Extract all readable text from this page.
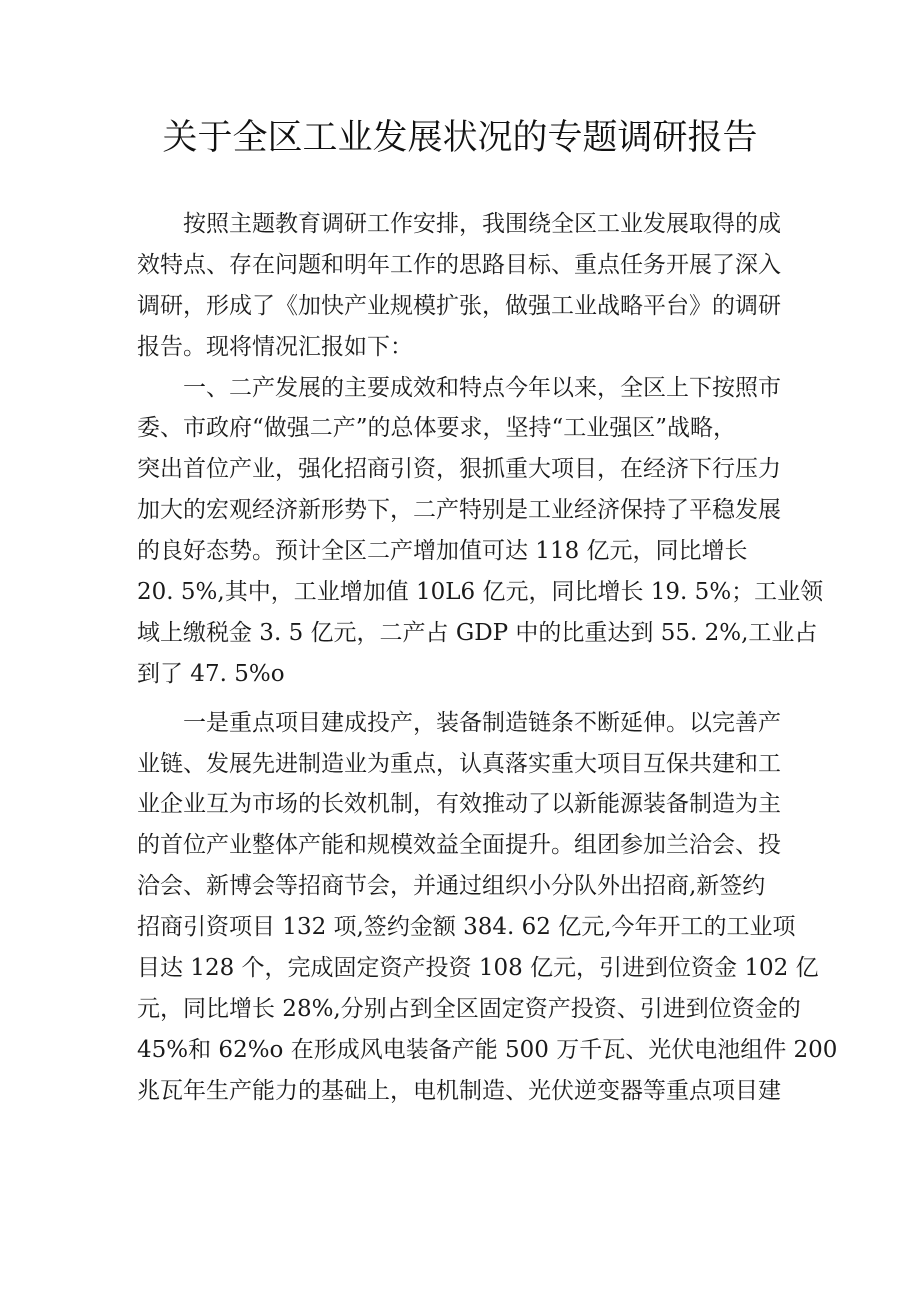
关于全区工业发展状况的专题调研报告
按照主题教育调研工作安排，我围绕全区工业发展取得的成
效特点、存在问题和明年工作的思路目标、重点任务开展了深入
调研，形成了《加快产业规模扩张，做强工业战略平台》的调研
报告。现将情况汇报如下：
一、二产发展的主要成效和特点今年以来，全区上下按照市
委、市政府“做强二产”的总体要求，坚持“工业强区”战略，
突出首位产业，强化招商引资，狠抓重大项目，在经济下行压力
加大的宏观经济新形势下，二产特别是工业经济保持了平稳发展
的良好态势。预计全区二产增加值可达 118 亿元，同比增长
20. 5%,其中，工业增加值 10L6 亿元，同比增长 19. 5%；工业领
域上缴税金 3. 5 亿元，二产占 GDP 中的比重达到 55. 2%,工业占
到了 47. 5%o
一是重点项目建成投产，装备制造链条不断延伸。以完善产
业链、发展先进制造业为重点，认真落实重大项目互保共建和工
业企业互为市场的长效机制，有效推动了以新能源装备制造为主
的首位产业整体产能和规模效益全面提升。组团参加兰洽会、投
洽会、新博会等招商节会，并通过组织小分队外出招商,新签约
招商引资项目 132 项,签约金额 384. 62 亿元,今年开工的工业项
目达 128 个，完成固定资产投资 108 亿元，引进到位资金 102 亿
元，同比增长 28%,分别占到全区固定资产投资、引进到位资金的
45%和 62%o 在形成风电装备产能 500 万千瓦、光伏电池组件 200
兆瓦年生产能力的基础上，电机制造、光伏逆变器等重点项目建
